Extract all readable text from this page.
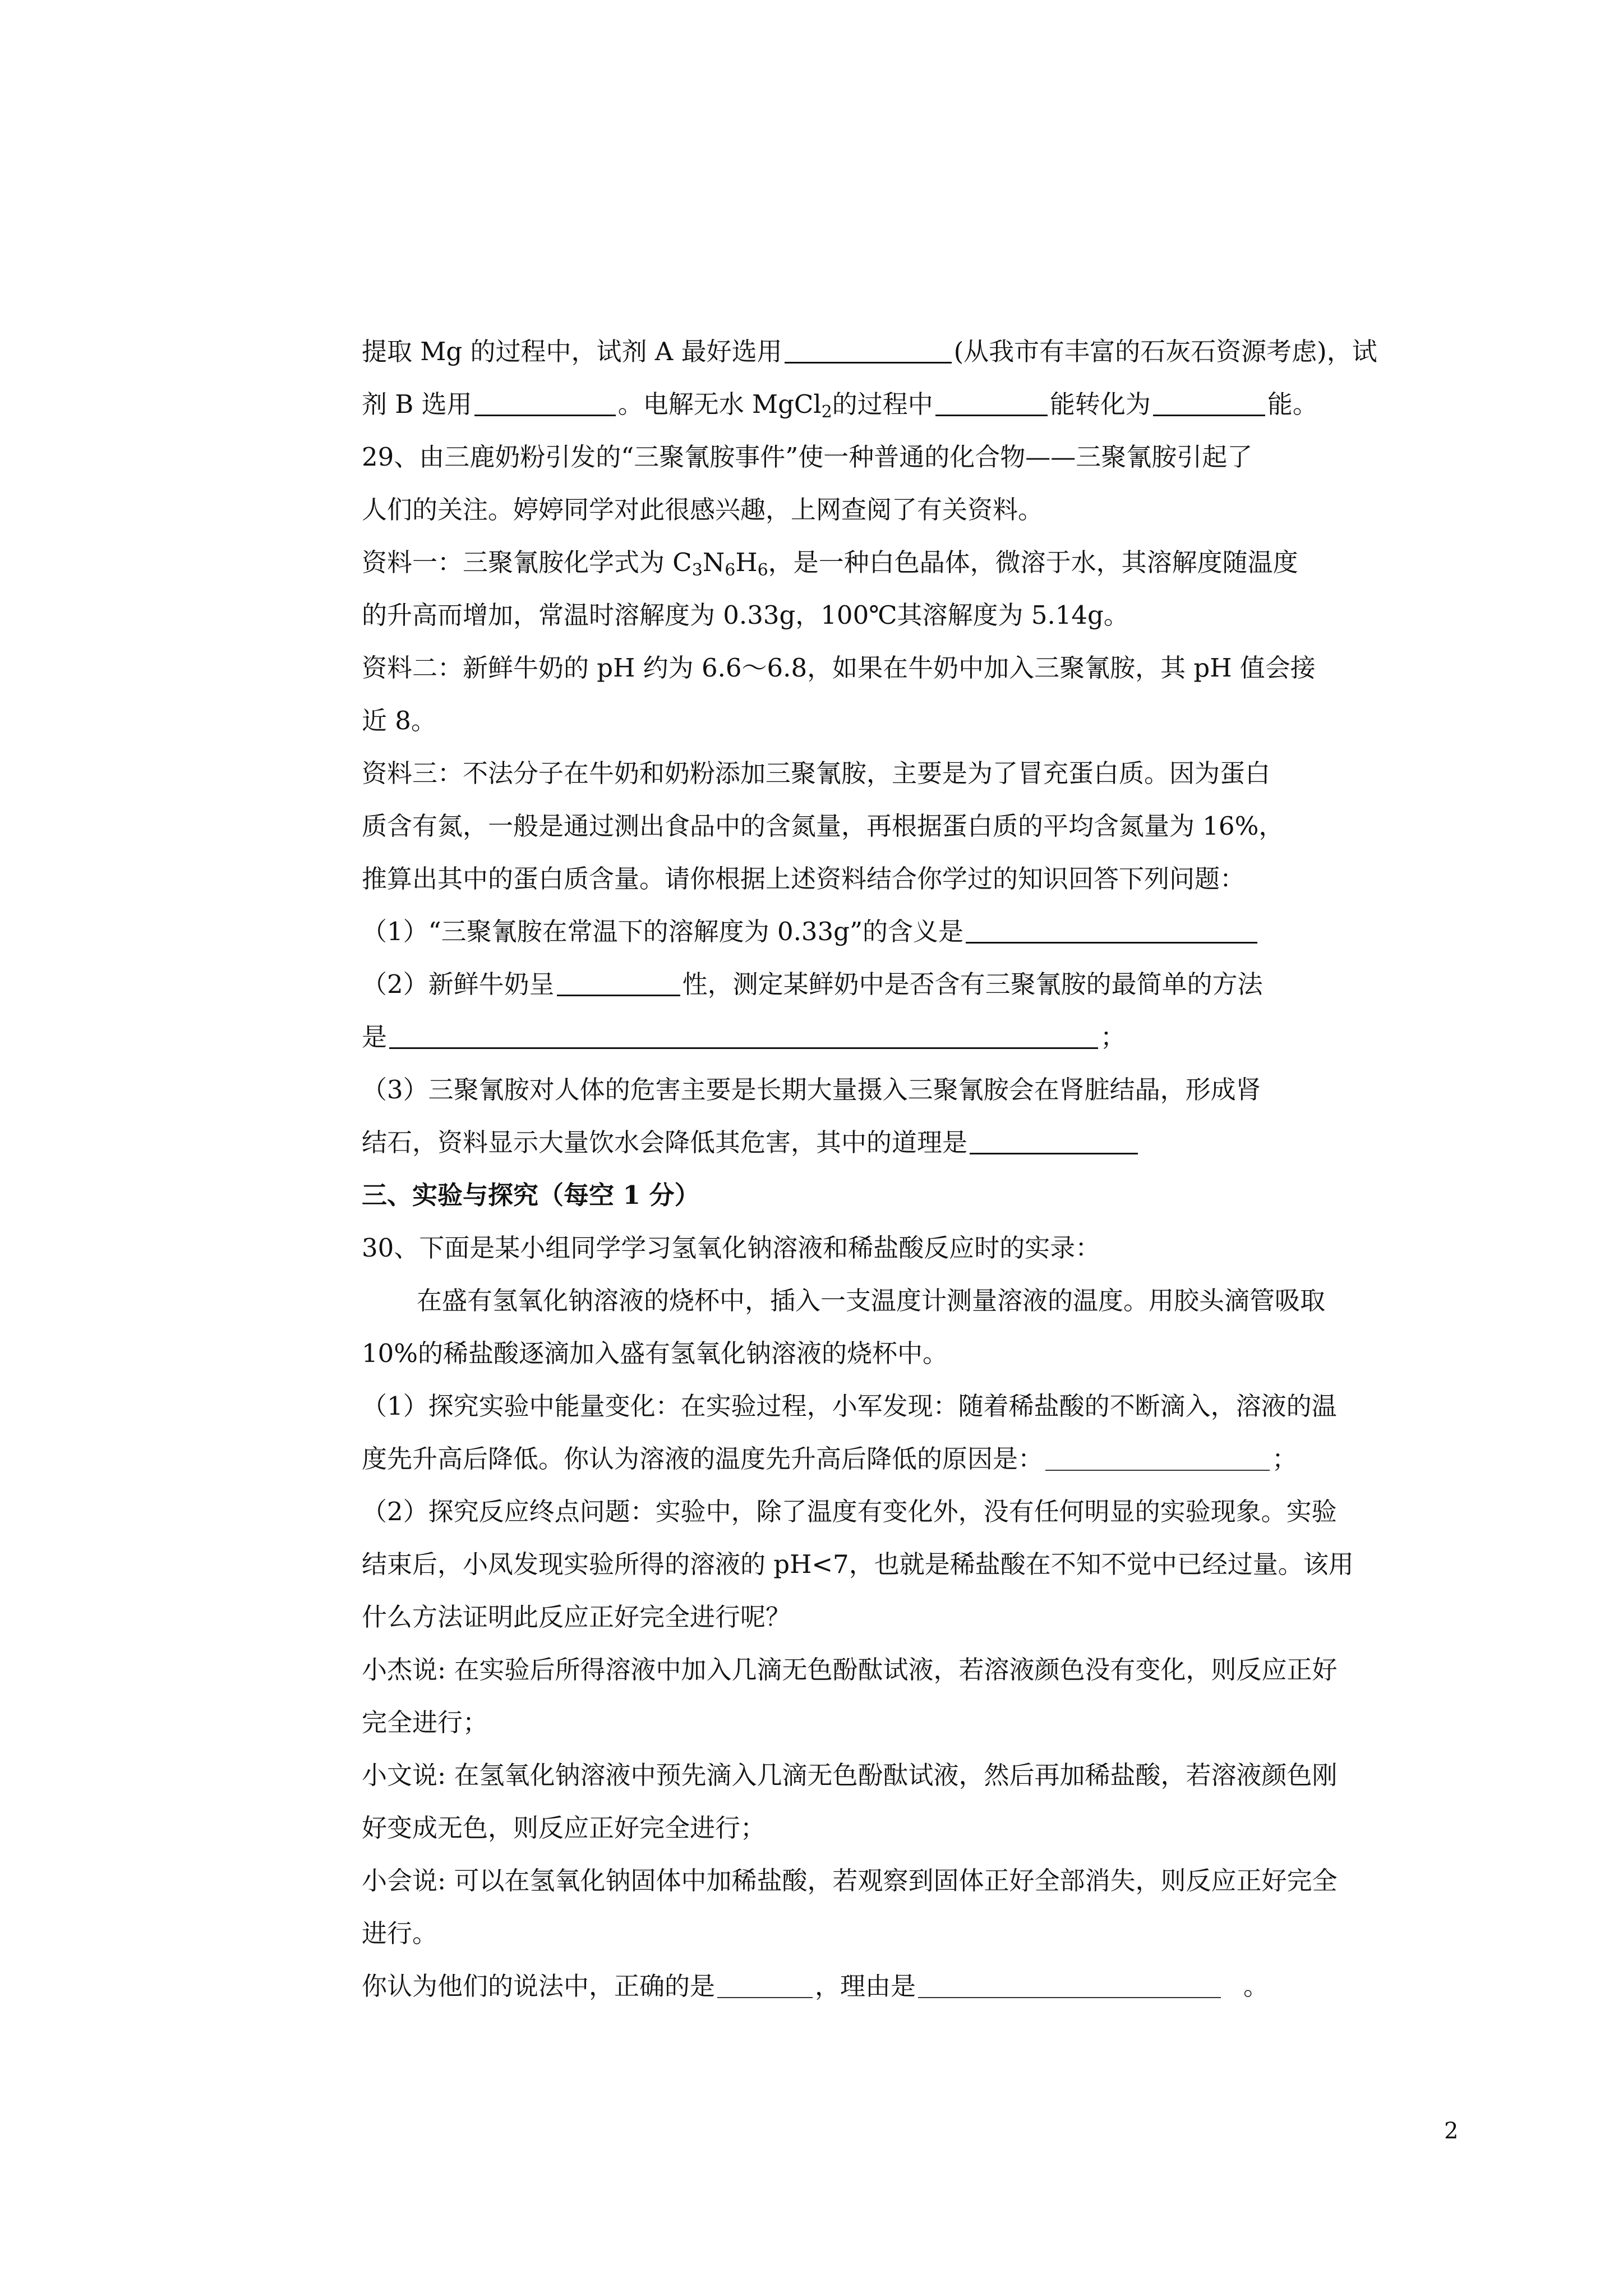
提取 Mg 的过程中，试剂 A 最好选用	(从我市有丰富的石灰石资源考虑)，试
剂 B 选用	。电解无水 MgCl$_2$的过程中	能转化为	能。
29、由三鹿奶粉引发的“三聚氰胺事件”使一种普通的化合物——三聚氰胺引起了
人们的关注。婷婷同学对此很感兴趣，上网查阅了有关资料。
资料一：三聚氰胺化学式为 $C_3N_6H_6$，是一种白色晶体，微溶于水，其溶解度随温度
的升高而增加，常温时溶解度为 0.33g，100℃其溶解度为 5.14g。
资料二：新鲜牛奶的 pH 约为 6.6～6.8，如果在牛奶中加入三聚氰胺，其 pH 值会接
近 8。
资料三：不法分子在牛奶和奶粉添加三聚氰胺，主要是为了冒充蛋白质。因为蛋白
质含有氮，一般是通过测出食品中的含氮量，再根据蛋白质的平均含氮量为 16%，
推算出其中的蛋白质含量。请你根据上述资料结合你学过的知识回答下列问题：
（1）“三聚氰胺在常温下的溶解度为 0.33g”的含义是
（2）新鲜牛奶呈	性，测定某鲜奶中是否含有三聚氰胺的最简单的方法
是	；
（3）三聚氰胺对人体的危害主要是长期大量摄入三聚氰胺会在肾脏结晶，形成肾
结石，资料显示大量饮水会降低其危害，其中的道理是
三、实验与探究（每空 1 分）
30、下面是某小组同学学习氢氧化钠溶液和稀盐酸反应时的实录：
在盛有氢氧化钠溶液的烧杯中，插入一支温度计测量溶液的温度。用胶头滴管吸取
10%的稀盐酸逐滴加入盛有氢氧化钠溶液的烧杯中。
（1）探究实验中能量变化：在实验过程，小军发现：随着稀盐酸的不断滴入，溶液的温
度先升高后降低。你认为溶液的温度先升高后降低的原因是：	；
（2）探究反应终点问题：实验中，除了温度有变化外，没有任何明显的实验现象。实验
结束后，小凤发现实验所得的溶液的 pH<7，也就是稀盐酸在不知不觉中已经过量。该用
什么方法证明此反应正好完全进行呢？
小杰说: 在实验后所得溶液中加入几滴无色酚酞试液，若溶液颜色没有变化，则反应正好
完全进行；
小文说: 在氢氧化钠溶液中预先滴入几滴无色酚酞试液，然后再加稀盐酸，若溶液颜色刚
好变成无色，则反应正好完全进行；
小会说: 可以在氢氧化钠固体中加稀盐酸，若观察到固体正好全部消失，则反应正好完全
进行。
你认为他们的说法中，正确的是	，理由是	。
2
